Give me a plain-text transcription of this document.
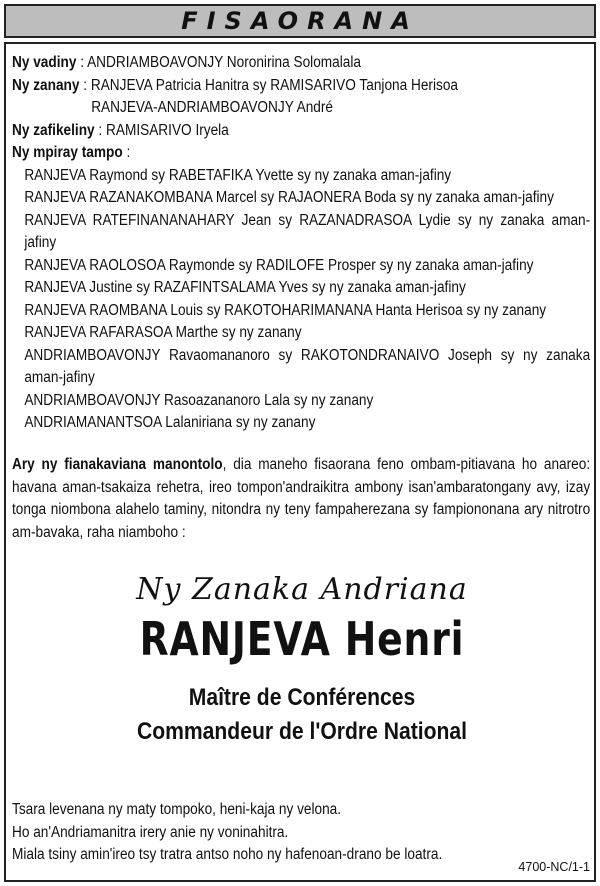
FISAORANA
Ny vadiny : ANDRIAMBOAVONJY Noronirina Solomalala
Ny zanany : RANJEVA Patricia Hanitra sy RAMISARIVO Tanjona Herisoa
RANJEVA-ANDRIAMBOAVONJY André
Ny zafikeliny : RAMISARIVO Iryela
Ny mpiray tampo :
RANJEVA Raymond sy RABETAFIKA Yvette sy ny zanaka aman-jafiny
RANJEVA RAZANAKOMBANA Marcel sy RAJAONERA Boda sy ny zanaka aman-jafiny
RANJEVA RATEFINANANAHARY Jean sy RAZANADRASOA Lydie sy ny zanaka aman-jafiny
RANJEVA RAOLOSOA Raymonde sy RADILOFE Prosper sy ny zanaka aman-jafiny
RANJEVA Justine sy RAZAFINTSALAMA Yves sy ny zanaka aman-jafiny
RANJEVA RAOMBANA Louis sy RAKOTOHARIMANANA Hanta Herisoa sy ny zanany
RANJEVA RAFARASOA Marthe sy ny zanany
ANDRIAMBOAVONJY Ravaomananoro sy RAKOTONDRANAIVO Joseph sy ny zanaka aman-jafiny
ANDRIAMBOAVONJY Rasoazananoro Lala sy ny zanany
ANDRIAMANANTSOA Lalaniriana sy ny zanany
Ary ny fianakaviana manontolo, dia maneho fisaorana feno ombam-pitiavana ho anareo: havana aman-tsakaiza rehetra, ireo tompon'andraikitra ambony isan'ambaratongany avy, izay tonga niombona alahelo taminy, nitondra ny teny fampaherezana sy fampiononana ary nitrotro am-bavaka, raha niamboho :
Ny Zanaka Andriana
RANJEVA Henri
Maître de Conférences
Commandeur de l'Ordre National
Tsara levenana ny maty tompoko, heni-kaja ny velona.
Ho an'Andriamanitra irery anie ny voninahitra.
Miala tsiny amin'ireo tsy tratra antso noho ny hafenoan-drano be loatra.
4700-NC/1-1
